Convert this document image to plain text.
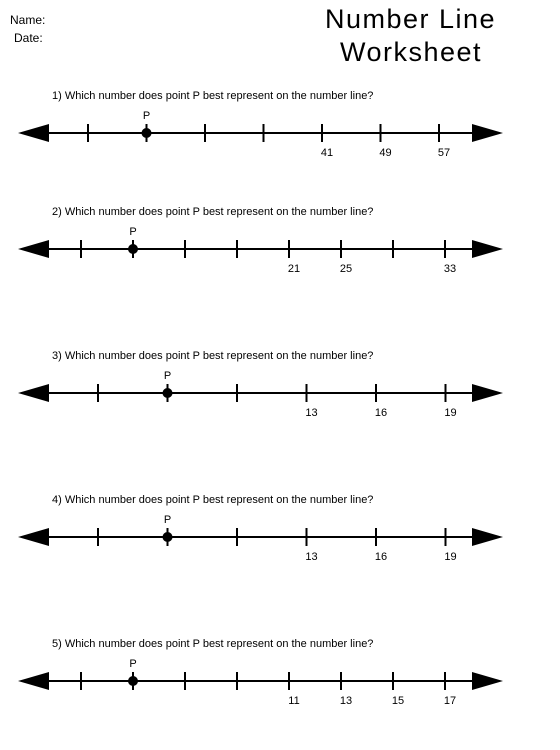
Name:
Date:
Number Line
Worksheet
1) Which number does point P best represent on the number line?
41	49	57
P
2) Which number does point P best represent on the number line?
21	25	33
P
3) Which number does point P best represent on the number line?
13	16	19
P
4) Which number does point P best represent on the number line?
13	16	19
P
5) Which number does point P best represent on the number line?
11	13	15	17
P
